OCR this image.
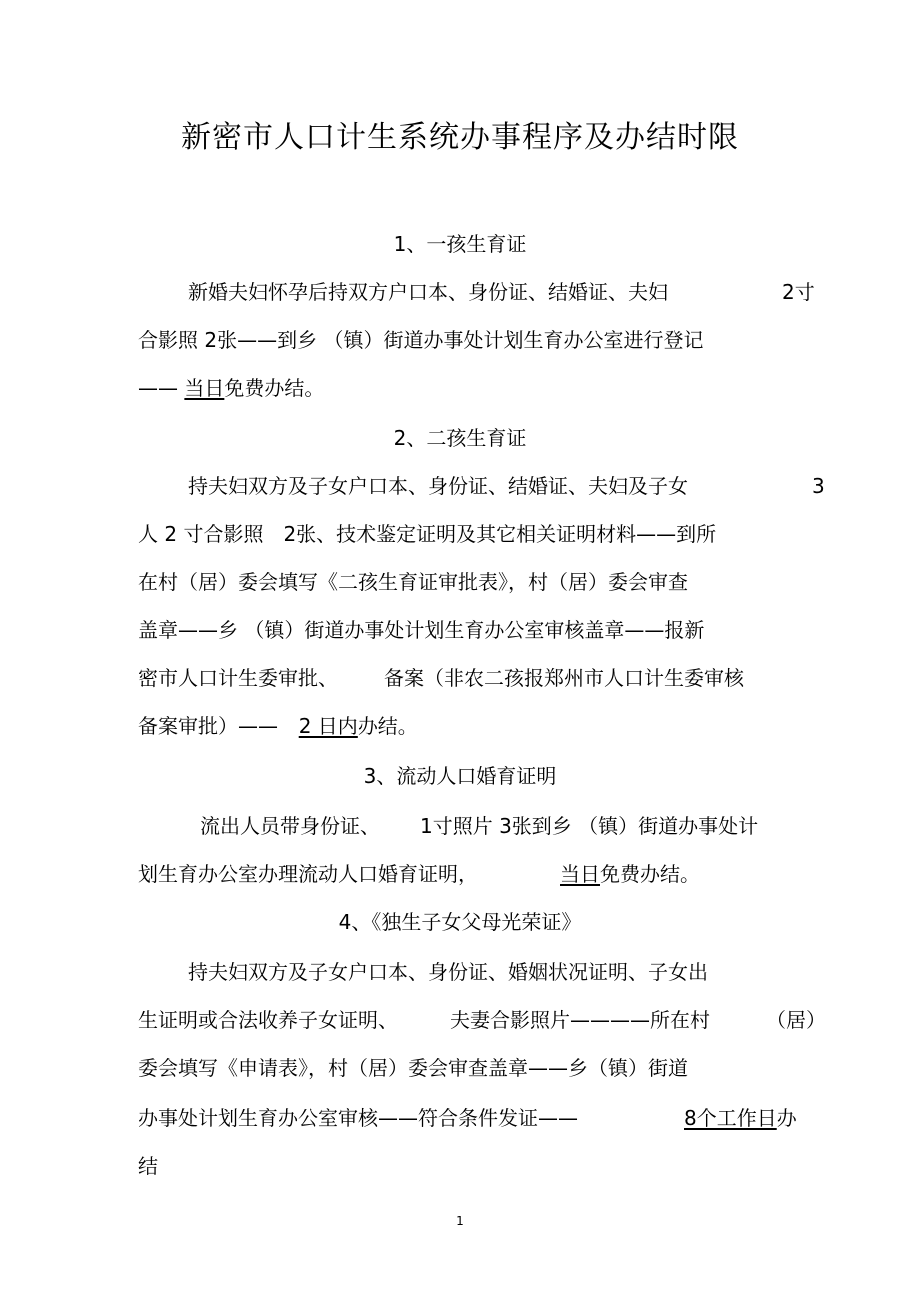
新密市人口计生系统办事程序及办结时限
1、一孩生育证
新婚夫妇怀孕后持双方户口本、身份证、结婚证、夫妇	2寸
合影照 2张——到乡 （镇）街道办事处计划生育办公室进行登记
—— 当日免费办结。
2、二孩生育证
持夫妇双方及子女户口本、身份证、结婚证、夫妇及子女	3
人 2 寸合影照　2张、技术鉴定证明及其它相关证明材料——到所
在村（居）委会填写《二孩生育证审批表》，村（居）委会审查
盖章——乡 （镇）街道办事处计划生育办公室审核盖章——报新
密市人口计生委审批、 备案（非农二孩报郑州市人口计生委审核
备案审批）—— 2 日内办结。
3、流动人口婚育证明
流出人员带身份证、 1寸照片 3张到乡 （镇）街道办事处计
划生育办公室办理流动人口婚育证明，	当日免费办结。
4、《独生子女父母光荣证》
持夫妇双方及子女户口本、身份证、婚姻状况证明、子女出
生证明或合法收养子女证明、	夫妻合影照片————所在村	（居）
委会填写《申请表》，村（居）委会审查盖章——乡（镇）街道
办事处计划生育办公室审核——符合条件发证——	8个工作日办
结
1
